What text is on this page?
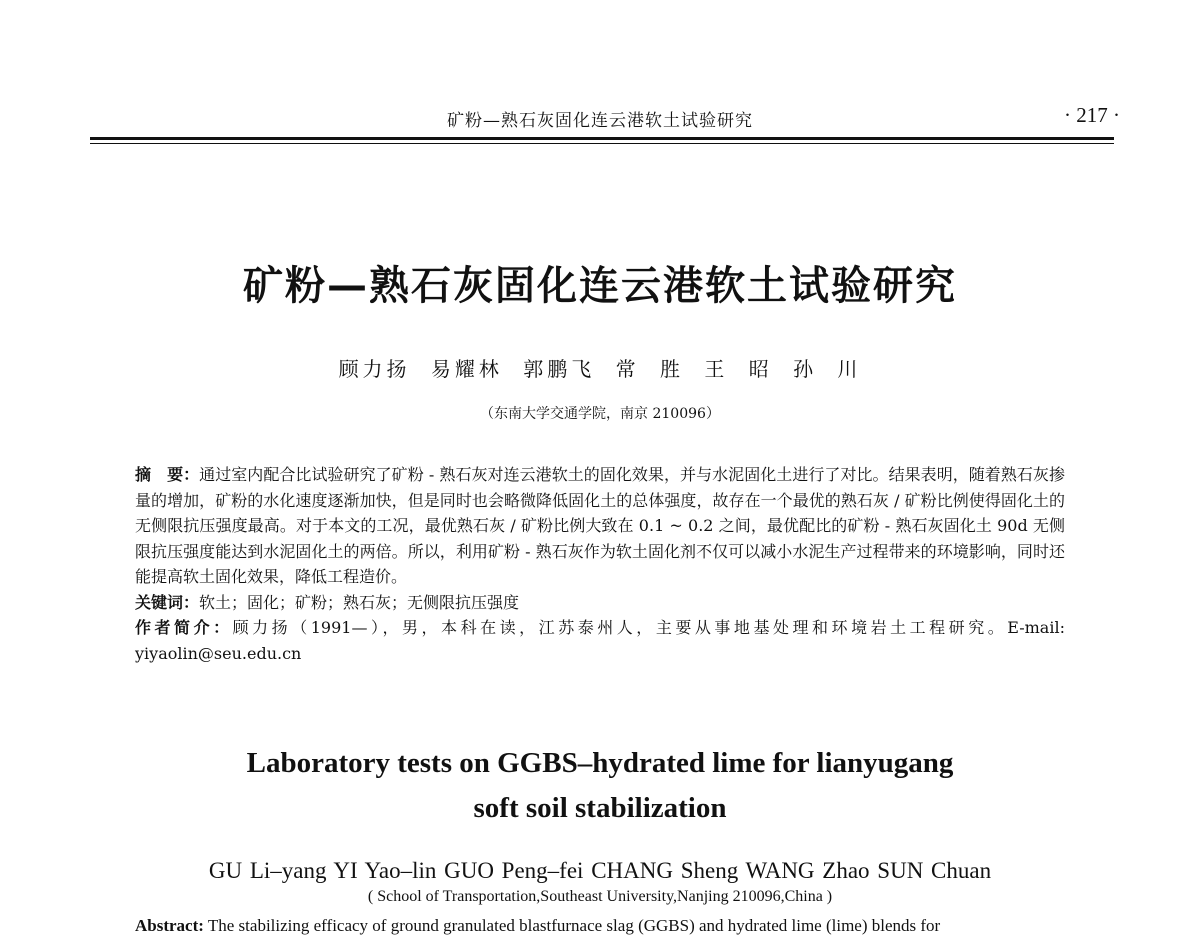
矿粉—熟石灰固化连云港软土试验研究	· 217 ·
矿粉—熟石灰固化连云港软土试验研究
顾力扬 易耀林 郭鹏飞 常 胜 王 昭 孙 川
（东南大学交通学院，南京 210096）

摘　要：通过室内配合比试验研究了矿粉 - 熟石灰对连云港软土的固化效果，并与水泥固化土进行了对比。结果表明，随着熟石灰掺量的增加，矿粉的水化速度逐渐加快，但是同时也会略微降低固化土的总体强度，故存在一个最优的熟石灰 / 矿粉比例使得固化土的无侧限抗压强度最高。对于本文的工况，最优熟石灰 / 矿粉比例大致在 0.1 ~ 0.2 之间，最优配比的矿粉 - 熟石灰固化土 90d 无侧限抗压强度能达到水泥固化土的两倍。所以，利用矿粉 - 熟石灰作为软土固化剂不仅可以减小水泥生产过程带来的环境影响，同时还能提高软土固化效果，降低工程造价。

关键词：软土；固化；矿粉；熟石灰；无侧限抗压强度

作者简介：顾力扬（1991—），男，本科在读，江苏泰州人，主要从事地基处理和环境岩土工程研究。E-mail: yiyaolin@seu.edu.cn

Laboratory tests on GGBS–hydrated lime for lianyugang
soft soil stabilization
GU Li–yang YI Yao–lin GUO Peng–fei CHANG Sheng WANG Zhao SUN Chuan
( School of Transportation,Southeast University,Nanjing 210096,China )
Abstract: The stabilizing efficacy of ground granulated blastfurnace slag (GGBS) and hydrated lime (lime) blends for
